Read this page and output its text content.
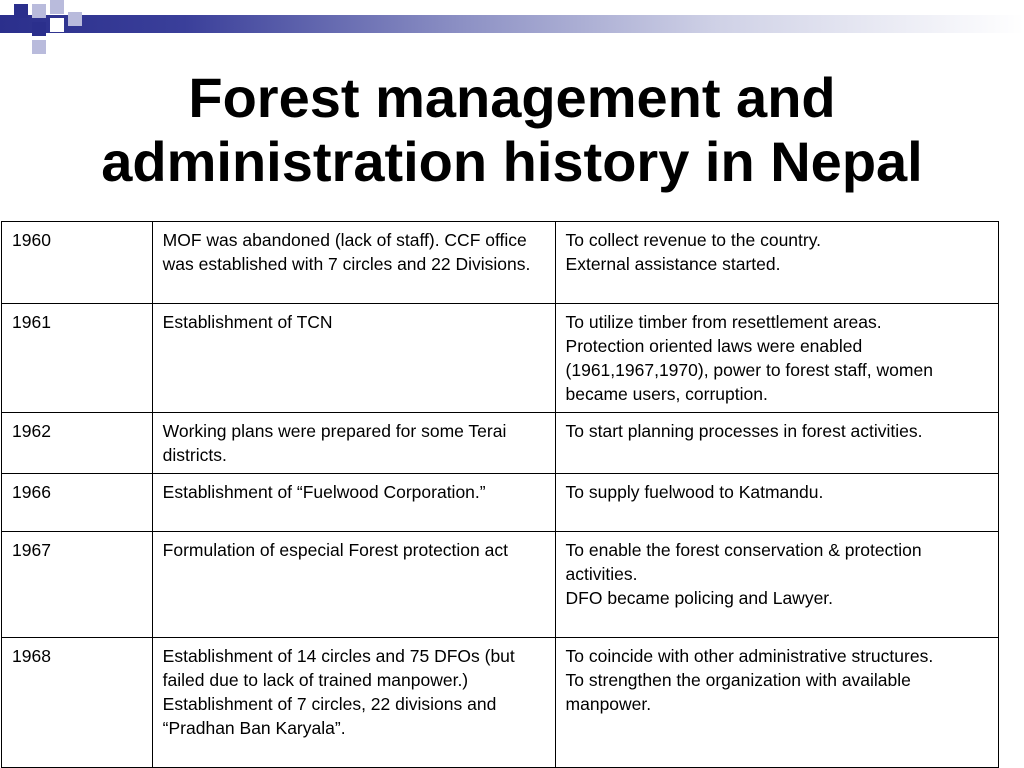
Forest management and
administration history in Nepal
1960	MOF was abandoned (lack of staff). CCF office was established with 7 circles and 22 Divisions.	To collect revenue to the country.
External assistance started.

1961	Establishment of TCN	To utilize timber from resettlement areas.
Protection oriented laws were enabled (1961,1967,1970), power to forest staff, women became users, corruption.

1962	Working plans were prepared for some Terai districts.	To start planning processes in forest activities.

1966	Establishment of “Fuelwood Corporation.”	To supply fuelwood to Katmandu.

1967	Formulation of especial Forest protection act	To enable the forest conservation & protection activities.
DFO became policing and Lawyer.

1968	Establishment of 14 circles and 75 DFOs (but failed due to lack of trained manpower.)
Establishment of 7 circles, 22 divisions and “Pradhan Ban Karyala”.	To coincide with other administrative structures.
To strengthen the organization with available manpower.
